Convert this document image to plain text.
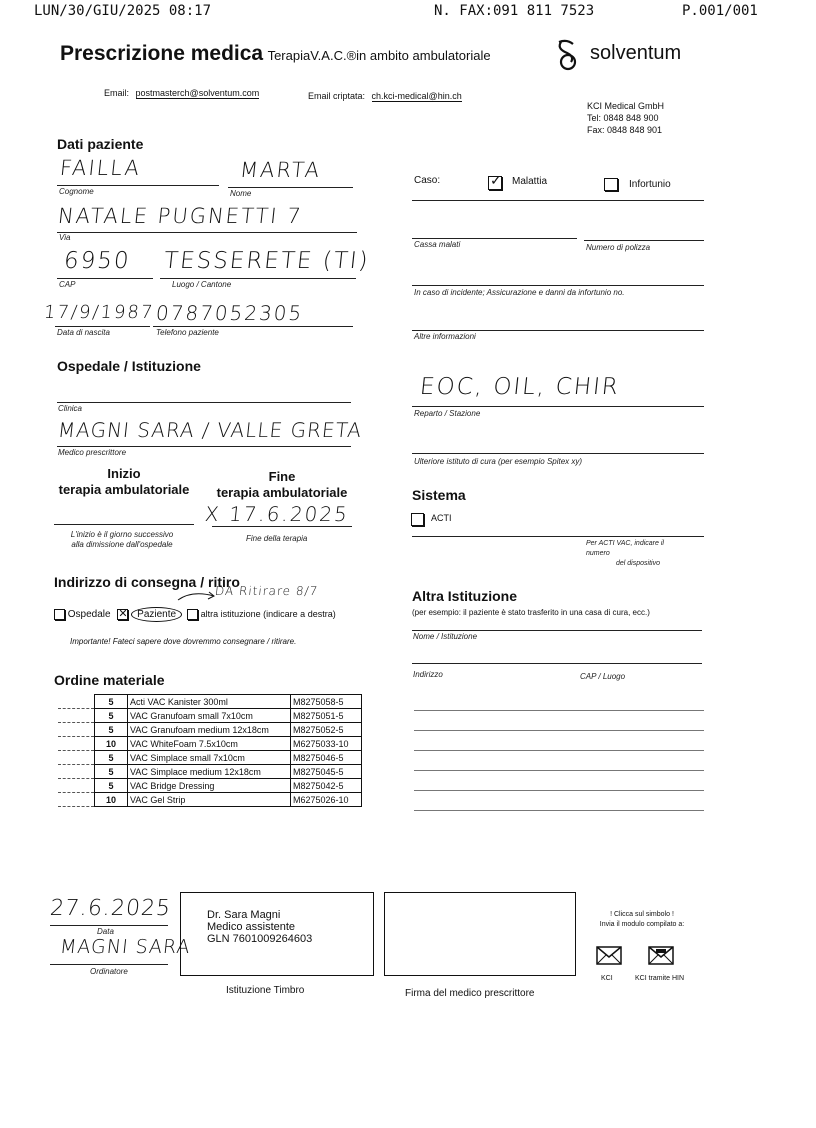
LUN/30/GIU/2025 08:17	N. FAX:091 811 7523	P.001/001
Prescrizione medica TerapiaV.A.C.®in ambito ambulatoriale	solventum
Email: postmasterch@solventum.com	Email criptata: ch.kci-medical@hin.ch
KCI Medical GmbH
Tel: 0848 848 900
Fax: 0848 848 901
Dati paziente
FAILLA
Cognome
MARTA
Nome
NATALE PUGNETTI 7
Via
6950
CAP
TESSERETE (TI)
Luogo / Cantone
17/9/1987
Data di nascita
0787052305
Telefono paziente
Caso:	✓ Malattia	Infortunio
Cassa malati	Numero di polizza
In caso di incidente; Assicurazione e danni da infortunio no.
Altre informazioni
Ospedale / Istituzione
Clinica
MAGNI SARA / VALLE GRETA
Medico prescrittore
EOC, OIL, CHIR
Reparto / Stazione
Ulteriore istituto di cura (per esempio Spitex xy)
Inizio
terapia ambulatoriale
Fine
terapia ambulatoriale
X 17.6.2025
L'inizio è il giorno successivo
alla dimissione dall'ospedale
Fine della terapia
Sistema
ACTI
Per ACTI VAC, indicare il
numero
del dispositivo
Indirizzo di consegna / ritiro
DA Ritirare 8/7
Ospedale ✕ Paziente	altra istituzione (indicare a destra)
Importante! Fateci sapere dove dovremmo consegnare / ritirare.
Altra Istituzione
(per esempio: il paziente è stato trasferito in una casa di cura, ecc.)
Nome / Istituzione
Indirizzo	CAP / Luogo
Ordine materiale
	5	Acti VAC Kanister 300ml	M8275058-5
	5	VAC Granufoam small 7x10cm	M8275051-5
	5	VAC Granufoam medium 12x18cm	M8275052-5
	10	VAC WhiteFoam 7.5x10cm	M6275033-10
	5	VAC Simplace small 7x10cm	M8275046-5
	5	VAC Simplace medium 12x18cm	M8275045-5
	5	VAC Bridge Dressing	M8275042-5
	10	VAC Gel Strip	M6275026-10
27.6.2025
Data
MAGNI SARA
Ordinatore
Dr. Sara Magni
Medico assistente
GLN 7601009264603
Istituzione Timbro	Firma del medico prescrittore
! Clicca sul simbolo !
Invia il modulo compilato a:
KCI	KCI tramite HIN
